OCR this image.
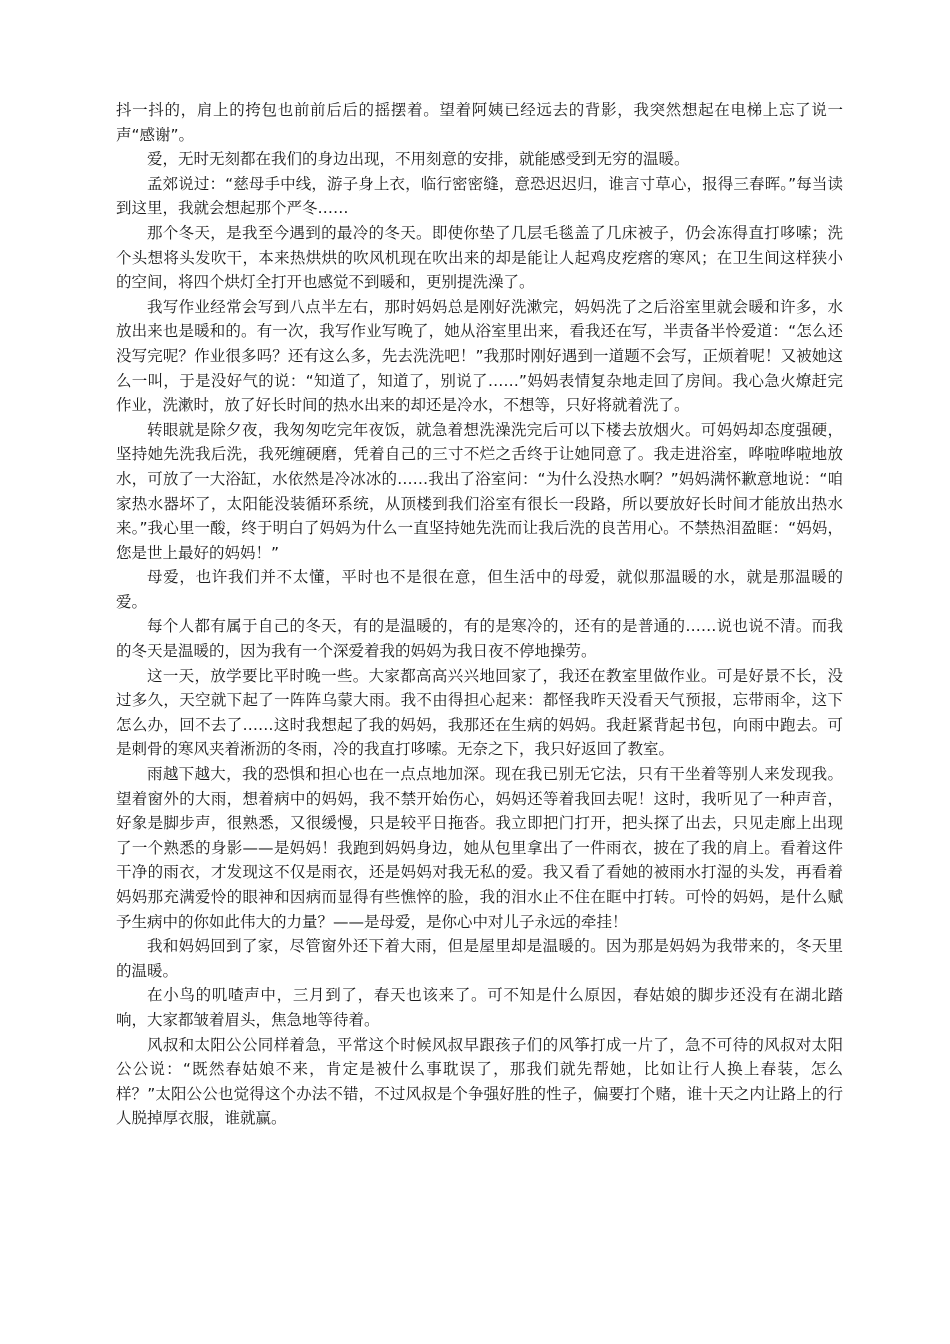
抖一抖的，肩上的挎包也前前后后的摇摆着。望着阿姨已经远去的背影，我突然想起在电梯上忘了说一声“感谢”。

爱，无时无刻都在我们的身边出现，不用刻意的安排，就能感受到无穷的温暖。

孟郊说过：“慈母手中线，游子身上衣，临行密密缝，意恐迟迟归，谁言寸草心，报得三春晖。”每当读到这里，我就会想起那个严冬……

那个冬天，是我至今遇到的最冷的冬天。即使你垫了几层毛毯盖了几床被子，仍会冻得直打哆嗦；洗个头想将头发吹干，本来热烘烘的吹风机现在吹出来的却是能让人起鸡皮疙瘩的寒风；在卫生间这样狭小的空间，将四个烘灯全打开也感觉不到暖和，更别提洗澡了。

我写作业经常会写到八点半左右，那时妈妈总是刚好洗漱完，妈妈洗了之后浴室里就会暖和许多，水放出来也是暖和的。有一次，我写作业写晚了，她从浴室里出来，看我还在写，半责备半怜爱道：“怎么还没写完呢？作业很多吗？还有这么多，先去洗洗吧！”我那时刚好遇到一道题不会写，正烦着呢！又被她这么一叫，于是没好气的说：“知道了，知道了，别说了……”妈妈表情复杂地走回了房间。我心急火燎赶完作业，洗漱时，放了好长时间的热水出来的却还是冷水，不想等，只好将就着洗了。

转眼就是除夕夜，我匆匆吃完年夜饭，就急着想洗澡洗完后可以下楼去放烟火。可妈妈却态度强硬，坚持她先洗我后洗，我死缠硬磨，凭着自己的三寸不烂之舌终于让她同意了。我走进浴室，哗啦哗啦地放水，可放了一大浴缸，水依然是冷冰冰的……我出了浴室问：“为什么没热水啊？”妈妈满怀歉意地说：“咱家热水器坏了，太阳能没装循环系统，从顶楼到我们浴室有很长一段路，所以要放好长时间才能放出热水来。”我心里一酸，终于明白了妈妈为什么一直坚持她先洗而让我后洗的良苦用心。不禁热泪盈眶：“妈妈，您是世上最好的妈妈！”

母爱，也许我们并不太懂，平时也不是很在意，但生活中的母爱，就似那温暖的水，就是那温暖的爱。

每个人都有属于自己的冬天，有的是温暖的，有的是寒冷的，还有的是普通的……说也说不清。而我的冬天是温暖的，因为我有一个深爱着我的妈妈为我日夜不停地操劳。

这一天，放学要比平时晚一些。大家都高高兴兴地回家了，我还在教室里做作业。可是好景不长，没过多久，天空就下起了一阵阵乌蒙大雨。我不由得担心起来：都怪我昨天没看天气预报，忘带雨伞，这下怎么办，回不去了……这时我想起了我的妈妈，我那还在生病的妈妈。我赶紧背起书包，向雨中跑去。可是刺骨的寒风夹着淅沥的冬雨，冷的我直打哆嗦。无奈之下，我只好返回了教室。

雨越下越大，我的恐惧和担心也在一点点地加深。现在我已别无它法，只有干坐着等别人来发现我。望着窗外的大雨，想着病中的妈妈，我不禁开始伤心，妈妈还等着我回去呢！这时，我听见了一种声音，好象是脚步声，很熟悉，又很缓慢，只是较平日拖沓。我立即把门打开，把头探了出去，只见走廊上出现了一个熟悉的身影——是妈妈！我跑到妈妈身边，她从包里拿出了一件雨衣，披在了我的肩上。看着这件干净的雨衣，才发现这不仅是雨衣，还是妈妈对我无私的爱。我又看了看她的被雨水打湿的头发，再看着妈妈那充满爱怜的眼神和因病而显得有些憔悴的脸，我的泪水止不住在眶中打转。可怜的妈妈，是什么赋予生病中的你如此伟大的力量？——是母爱，是你心中对儿子永远的牵挂！

我和妈妈回到了家，尽管窗外还下着大雨，但是屋里却是温暖的。因为那是妈妈为我带来的，冬天里的温暖。

在小鸟的叽喳声中，三月到了，春天也该来了。可不知是什么原因，春姑娘的脚步还没有在湖北踏响，大家都皱着眉头，焦急地等待着。

风叔和太阳公公同样着急，平常这个时候风叔早跟孩子们的风筝打成一片了，急不可待的风叔对太阳公公说：“既然春姑娘不来，肯定是被什么事耽误了，那我们就先帮她，比如让行人换上春装，怎么样？”太阳公公也觉得这个办法不错，不过风叔是个争强好胜的性子，偏要打个赌，谁十天之内让路上的行人脱掉厚衣服，谁就赢。
